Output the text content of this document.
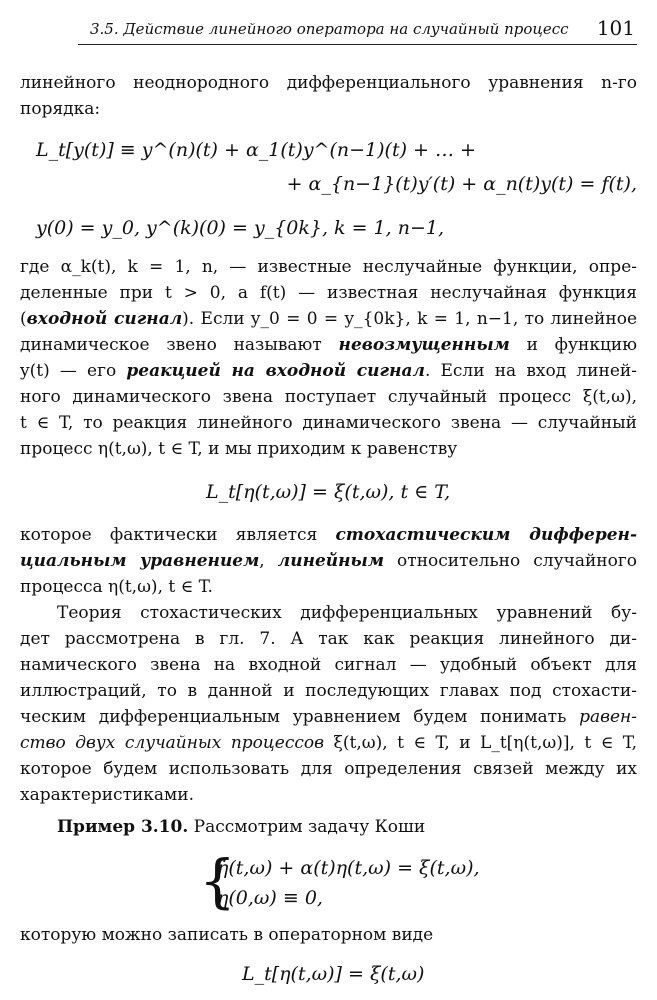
3.5. Действие линейного оператора на случайный процесс 101
линейного неоднородного дифференциального уравнения n-го
порядка:
L_t[y(t)] ≡ y^(n)(t) + α_1(t)y^(n−1)(t) + … +
+ α_{n−1}(t)y′(t) + α_n(t)y(t) = f(t),
y(0) = y_0, y^(k)(0) = y_{0k}, k = 1, n−1,
где α_k(t), k = 1, n, — известные неслучайные функции, опре-
деленные при t > 0, а f(t) — известная неслучайная функция
(входной сигнал). Если y_0 = 0 = y_{0k}, k = 1, n−1, то линейное
динамическое звено называют невозмущенным и функцию
y(t) — его реакцией на входной сигнал. Если на вход линей-
ного динамического звена поступает случайный процесс ξ(t,ω),
t ∈ T, то реакция линейного динамического звена — случайный
процесс η(t,ω), t ∈ T, и мы приходим к равенству
L_t[η(t,ω)] = ξ(t,ω), t ∈ T,
которое фактически является стохастическим дифферен-
циальным уравнением, линейным относительно случайного
процесса η(t,ω), t ∈ T.
Теория стохастических дифференциальных уравнений бу-
дет рассмотрена в гл. 7. А так как реакция линейного ди-
намического звена на входной сигнал — удобный объект для
иллюстраций, то в данной и последующих главах под стохасти-
ческим дифференциальным уравнением будем понимать равен-
ство двух случайных процессов ξ(t,ω), t ∈ T, и L_t[η(t,ω)], t ∈ T,
которое будем использовать для определения связей между их
характеристиками.
Пример 3.10. Рассмотрим задачу Коши
{
η̇(t,ω) + α(t)η(t,ω) = ξ(t,ω),
η(0,ω) ≡ 0,
которую можно записать в операторном виде
L_t[η(t,ω)] = ξ(t,ω)
